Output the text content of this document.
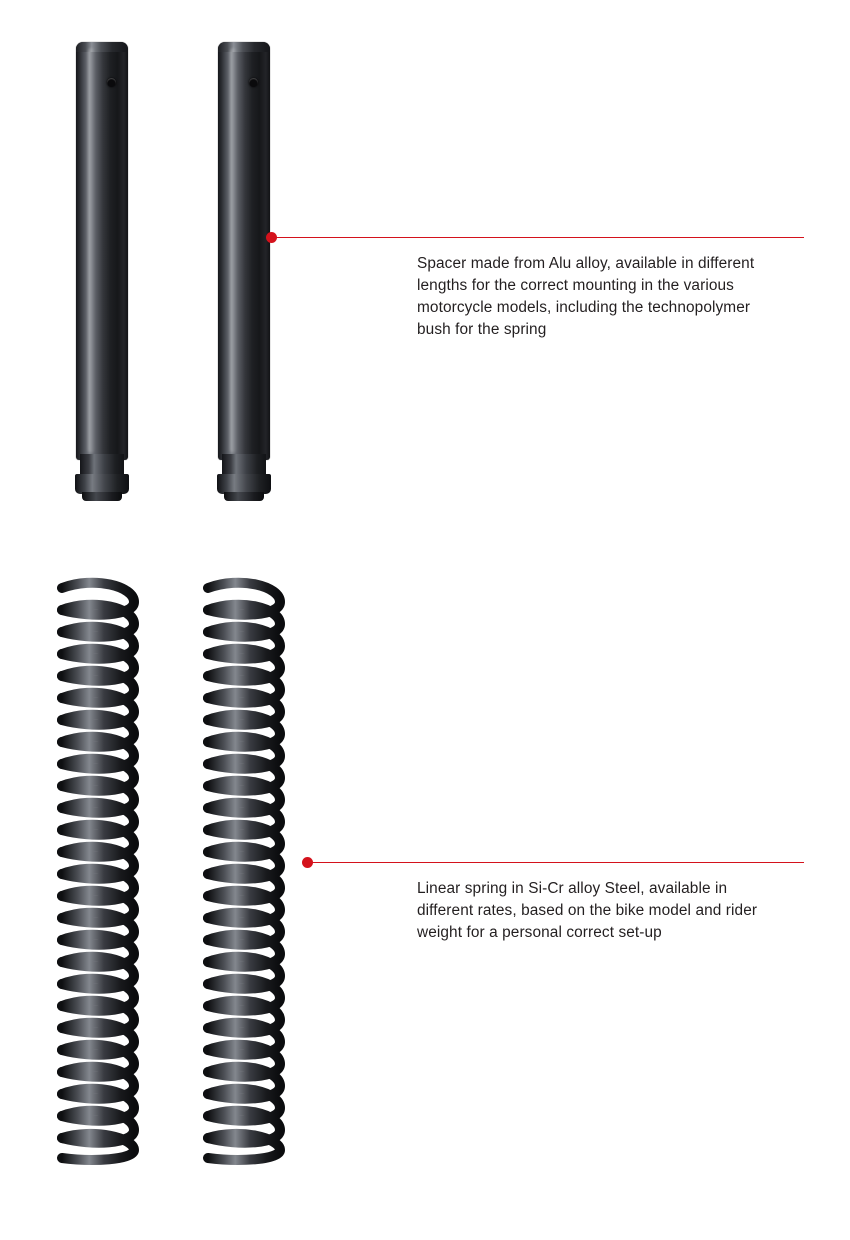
Spacer made from Alu alloy, available in different lengths for the correct mounting in the various motorcycle models, including the technopolymer bush for the spring
Linear spring in Si-Cr alloy Steel, available in different rates, based on the bike model and rider weight for a personal correct set-up
